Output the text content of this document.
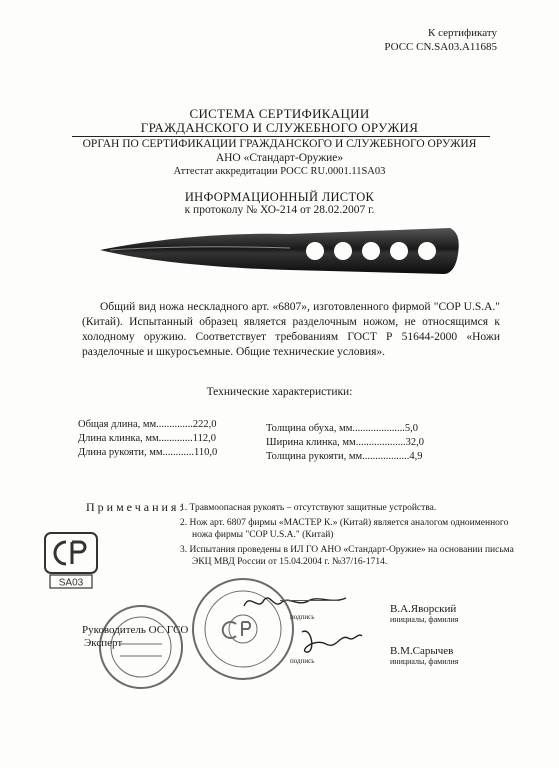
К сертификату
РОСС CN.SA03.A11685
СИСТЕМА СЕРТИФИКАЦИИ
ГРАЖДАНСКОГО И СЛУЖЕБНОГО ОРУЖИЯ
ОРГАН ПО СЕРТИФИКАЦИИ ГРАЖДАНСКОГО И СЛУЖЕБНОГО ОРУЖИЯ
АНО «Стандарт-Оружие»
Аттестат аккредитации РОСС RU.0001.11SA03
ИНФОРМАЦИОННЫЙ ЛИСТОК
к протоколу № ХО-214 от 28.02.2007 г.
Общий вид ножа нескладного арт. «6807», изготовленного фирмой "COP U.S.A." (Китай). Испытанный образец является разделочным ножом, не относящимся к холодному оружию. Соответствует требованиям ГОСТ Р 51644-2000 «Ножи разделочные и шкуросъемные. Общие технические условия».
Технические характеристики:
Общая длина, мм..............222,0
Длина клинка, мм.............112,0
Длина рукояти, мм............110,0
Толщина обуха, мм....................5,0
Ширина клинка, мм...................32,0
Толщина рукояти, мм..................4,9
Примечания:
1. Травмоопасная рукоять – отсутствуют защитные устройства.
2. Нож арт. 6807 фирмы «МАСТЕР К.» (Китай) является аналогом одноименного ножа фирмы "COP U.S.A." (Китай)
3. Испытания проведены в ИЛ ГО АНО «Стандарт-Оружие» на основании письма ЭКЦ МВД России от 15.04.2004 г. №37/16-1714.
SA03
Руководитель ОС ГСО
Эксперт
подпись
подпись
В.А.Яворский
инициалы, фамилия
В.М.Сарычев
инициалы, фамилия
